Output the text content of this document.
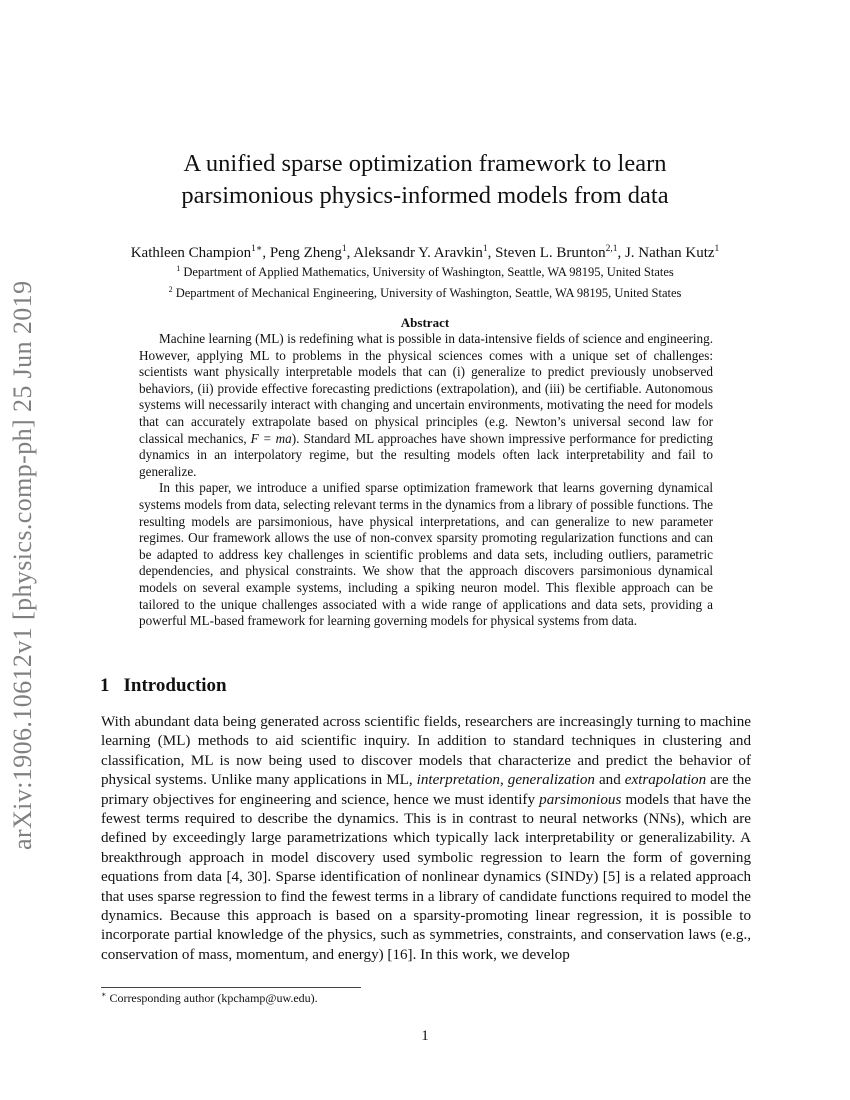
arXiv:1906.10612v1 [physics.comp-ph] 25 Jun 2019
A unified sparse optimization framework to learn
parsimonious physics-informed models from data
Kathleen Champion$^{1∗}$, Peng Zheng$^1$, Aleksandr Y. Aravkin$^1$, Steven L. Brunton$^{2,1}$, J. Nathan Kutz$^1$
$^1$ Department of Applied Mathematics, University of Washington, Seattle, WA 98195, United States
$^2$ Department of Mechanical Engineering, University of Washington, Seattle, WA 98195, United States
Abstract

Machine learning (ML) is redefining what is possible in data-intensive fields of science and engineering. However, applying ML to problems in the physical sciences comes with a unique set of challenges: scientists want physically interpretable models that can (i) generalize to predict previously unobserved behaviors, (ii) provide effective forecasting predictions (extrapolation), and (iii) be certifiable. Autonomous systems will necessarily interact with changing and uncertain environments, motivating the need for models that can accurately extrapolate based on physical principles (e.g. Newton’s universal second law for classical mechanics, F = ma). Standard ML approaches have shown impressive performance for predicting dynamics in an interpolatory regime, but the resulting models often lack interpretability and fail to generalize.

In this paper, we introduce a unified sparse optimization framework that learns governing dynamical systems models from data, selecting relevant terms in the dynamics from a library of possible functions. The resulting models are parsimonious, have physical interpretations, and can generalize to new parameter regimes. Our framework allows the use of non-convex sparsity promoting regularization functions and can be adapted to address key challenges in scientific problems and data sets, including outliers, parametric dependencies, and physical constraints. We show that the approach discovers parsimonious dynamical models on several example systems, including a spiking neuron model. This flexible approach can be tailored to the unique challenges associated with a wide range of applications and data sets, providing a powerful ML-based framework for learning governing models for physical systems from data.

1 Introduction

With abundant data being generated across scientific fields, researchers are increasingly turning to machine learning (ML) methods to aid scientific inquiry. In addition to standard techniques in clustering and classification, ML is now being used to discover models that characterize and predict the behavior of physical systems. Unlike many applications in ML, interpretation, generalization and extrapolation are the primary objectives for engineering and science, hence we must identify parsimonious models that have the fewest terms required to describe the dynamics. This is in contrast to neural networks (NNs), which are defined by exceedingly large parametrizations which typically lack interpretability or generalizability. A breakthrough approach in model discovery used symbolic regression to learn the form of governing equations from data [4, 30]. Sparse identification of nonlinear dynamics (SINDy) [5] is a related approach that uses sparse regression to find the fewest terms in a library of candidate functions required to model the dynamics. Because this approach is based on a sparsity-promoting linear regression, it is possible to incorporate partial knowledge of the physics, such as symmetries, constraints, and conservation laws (e.g., conservation of mass, momentum, and energy) [16]. In this work, we develop

∗ Corresponding author (kpchamp@uw.edu).
1
